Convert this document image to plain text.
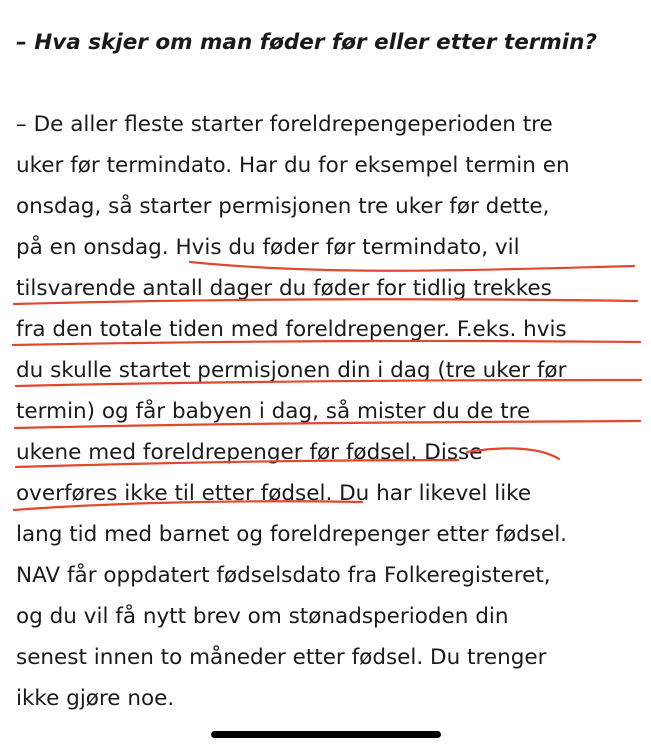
– Hva skjer om man føder før eller etter termin?
– De aller fleste starter foreldrepengeperioden tre
uker før termindato. Har du for eksempel termin en
onsdag, så starter permisjonen tre uker før dette,
på en onsdag. Hvis du føder før termindato, vil
tilsvarende antall dager du føder for tidlig trekkes
fra den totale tiden med foreldrepenger. F.eks. hvis
du skulle startet permisjonen din i dag (tre uker før
termin) og får babyen i dag, så mister du de tre
ukene med foreldrepenger før fødsel. Disse
overføres ikke til etter fødsel. Du har likevel like
lang tid med barnet og foreldrepenger etter fødsel.
NAV får oppdatert fødselsdato fra Folkeregisteret,
og du vil få nytt brev om stønadsperioden din
senest innen to måneder etter fødsel. Du trenger
ikke gjøre noe.
